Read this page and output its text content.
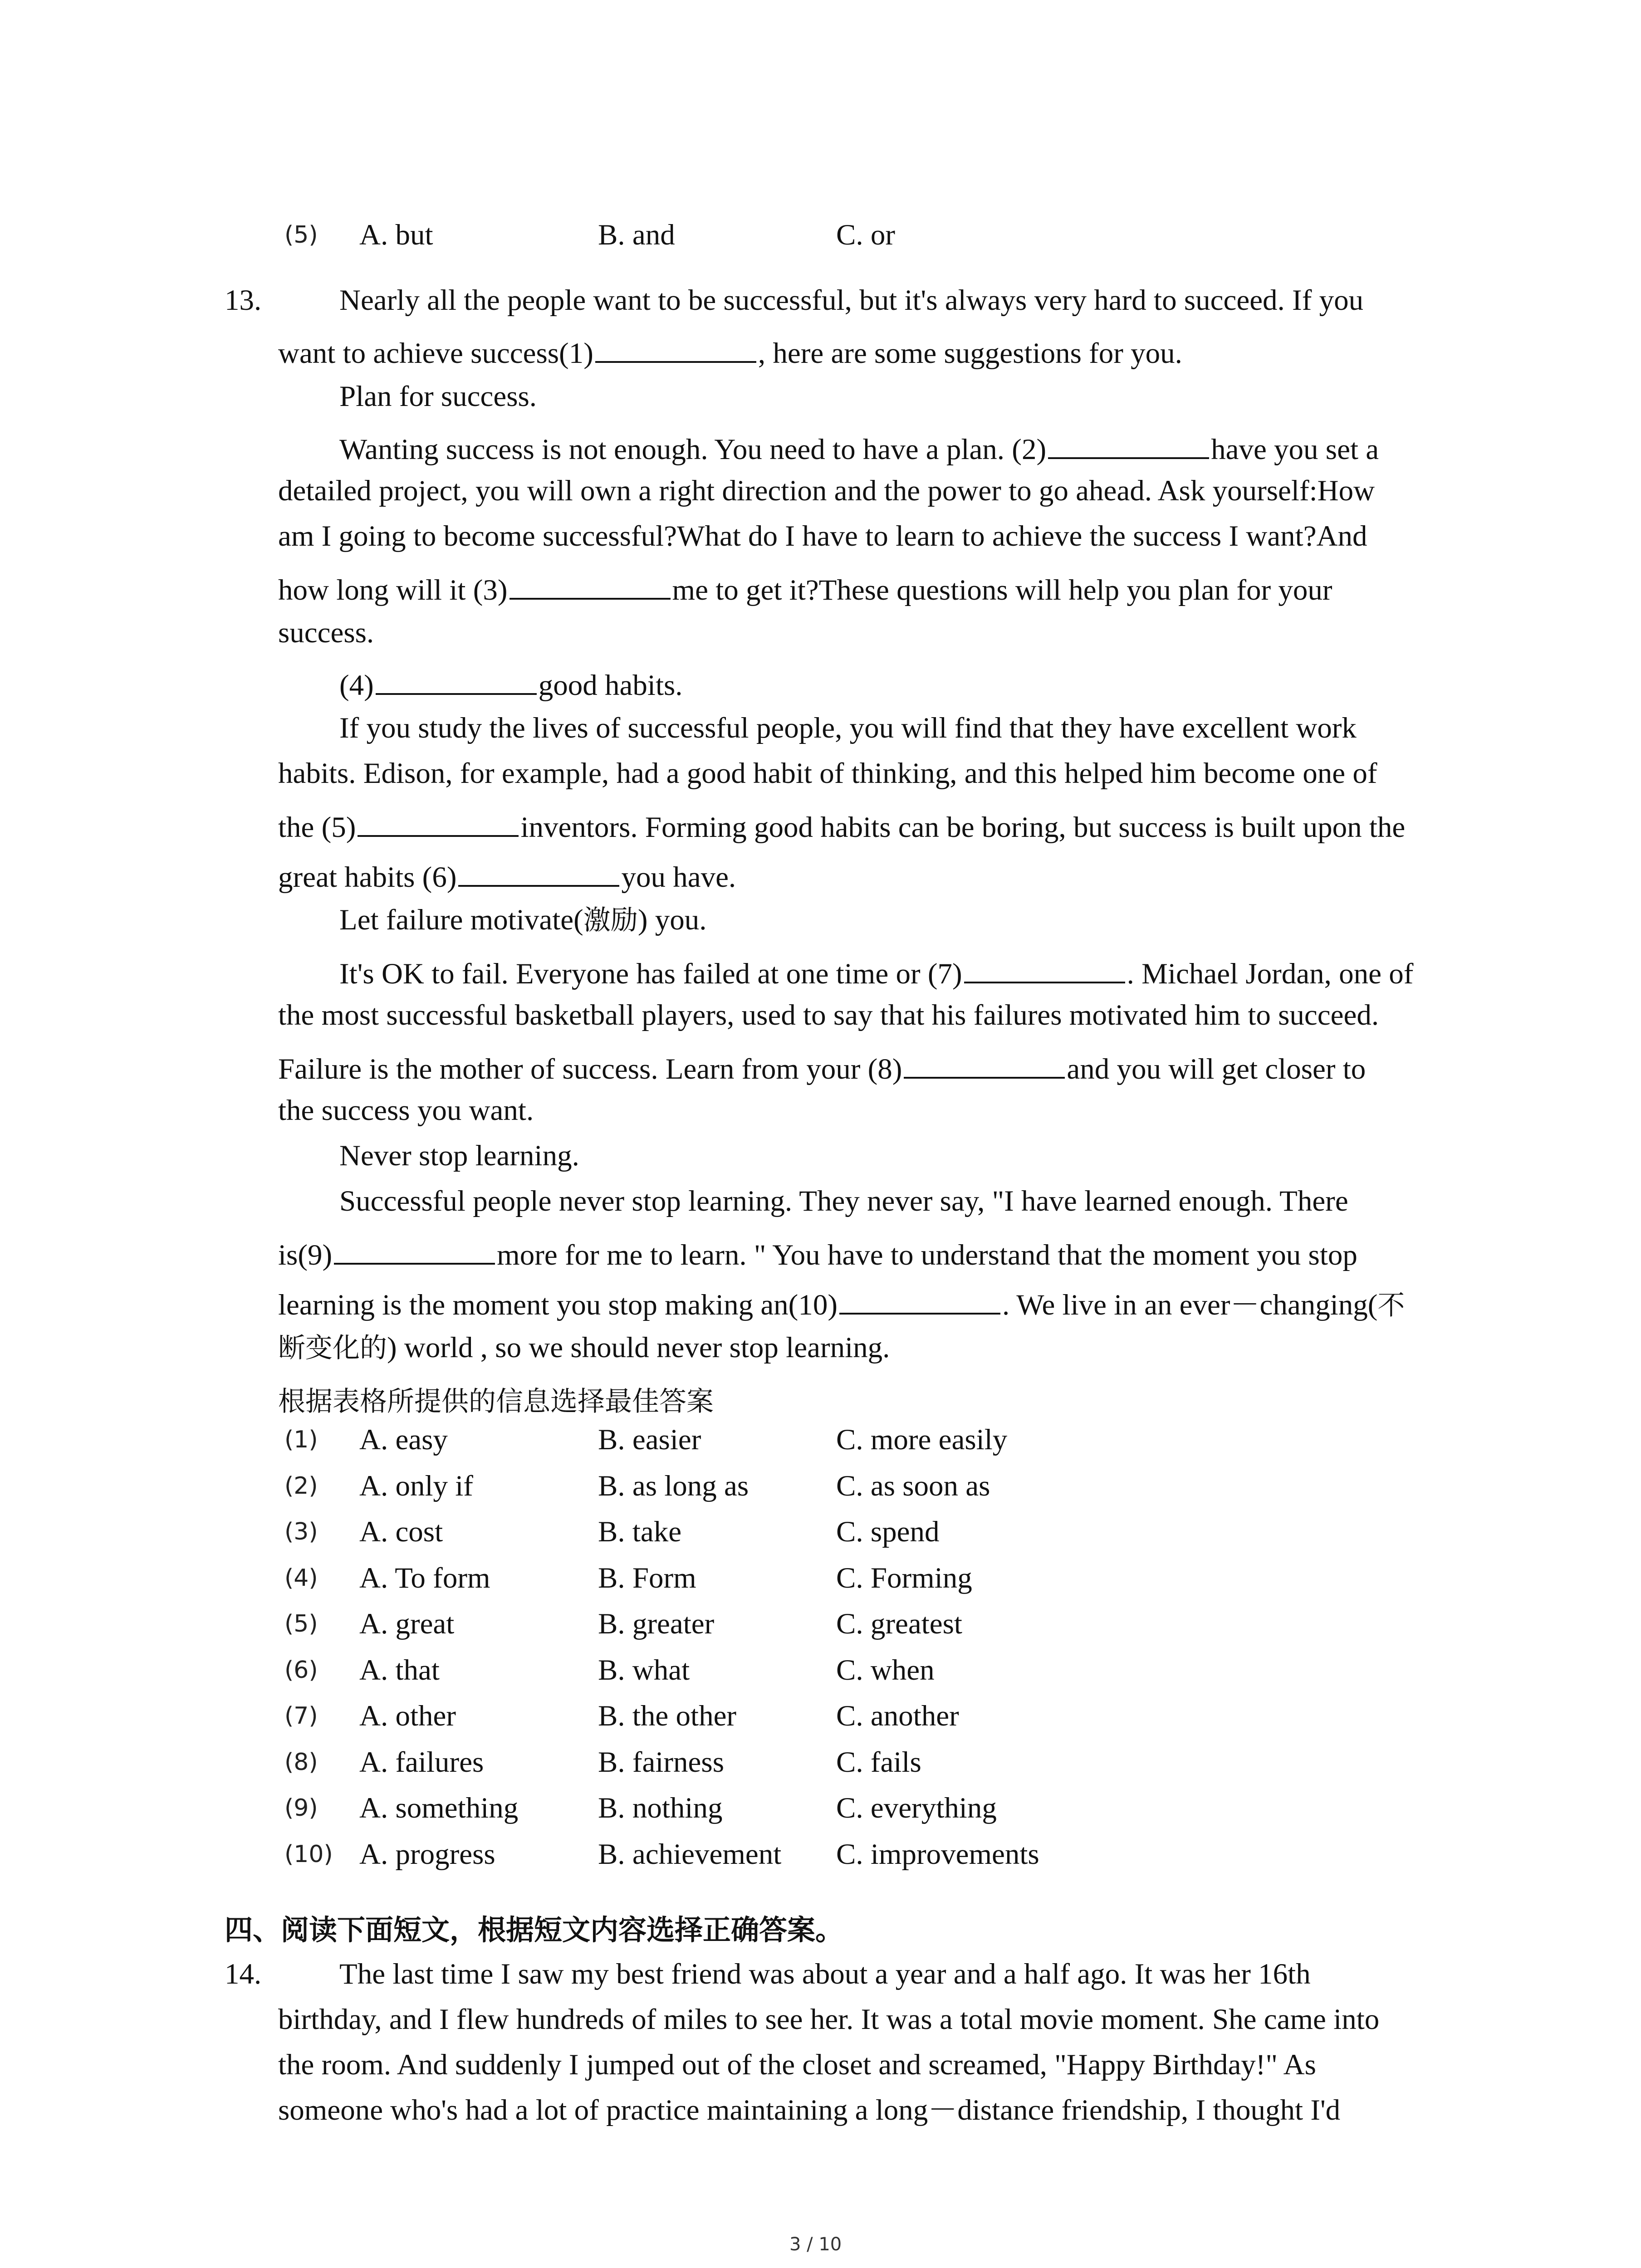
(5) A. but	B. and	C. or
13.	Nearly all the people want to be successful, but it's always very hard to succeed. If you
want to achieve success(1)	, here are some suggestions for you.
Plan for success.
Wanting success is not enough. You need to have a plan. (2)	have you set a
detailed project, you will own a right direction and the power to go ahead. Ask yourself:How
am I going to become successful?What do I have to learn to achieve the success I want?And
how long will it (3)	me to get it?These questions will help you plan for your
success.
(4)	good habits.
If you study the lives of successful people, you will find that they have excellent work
habits. Edison, for example, had a good habit of thinking, and this helped him become one of
the (5)	inventors. Forming good habits can be boring, but success is built upon the
great habits (6)	you have.
Let failure motivate(激励) you.
It's OK to fail. Everyone has failed at one time or (7)	. Michael Jordan, one of
the most successful basketball players, used to say that his failures motivated him to succeed.
Failure is the mother of success. Learn from your (8)	and you will get closer to
the success you want.
Never stop learning.
Successful people never stop learning. They never say, "I have learned enough. There
is(9)	more for me to learn. " You have to understand that the moment you stop
learning is the moment you stop making an(10)	. We live in an ever－changing(不
断变化的) world , so we should never stop learning.
根据表格所提供的信息选择最佳答案
(1) A. easy	B. easier	C. more easily
(2) A. only if	B. as long as	C. as soon as
(3) A. cost	B. take	C. spend
(4) A. To form	B. Form	C. Forming
(5) A. great	B. greater	C. greatest
(6) A. that	B. what	C. when
(7) A. other	B. the other	C. another
(8) A. failures	B. fairness	C. fails
(9) A. something	B. nothing	C. everything
(10) A. progress	B. achievement C. improvements
四、阅读下面短文，根据短文内容选择正确答案。
14.	The last time I saw my best friend was about a year and a half ago. It was her 16th
birthday, and I flew hundreds of miles to see her. It was a total movie moment. She came into
the room. And suddenly I jumped out of the closet and screamed, "Happy Birthday!" As
someone who's had a lot of practice maintaining a long－distance friendship, I thought I'd
3 / 10
